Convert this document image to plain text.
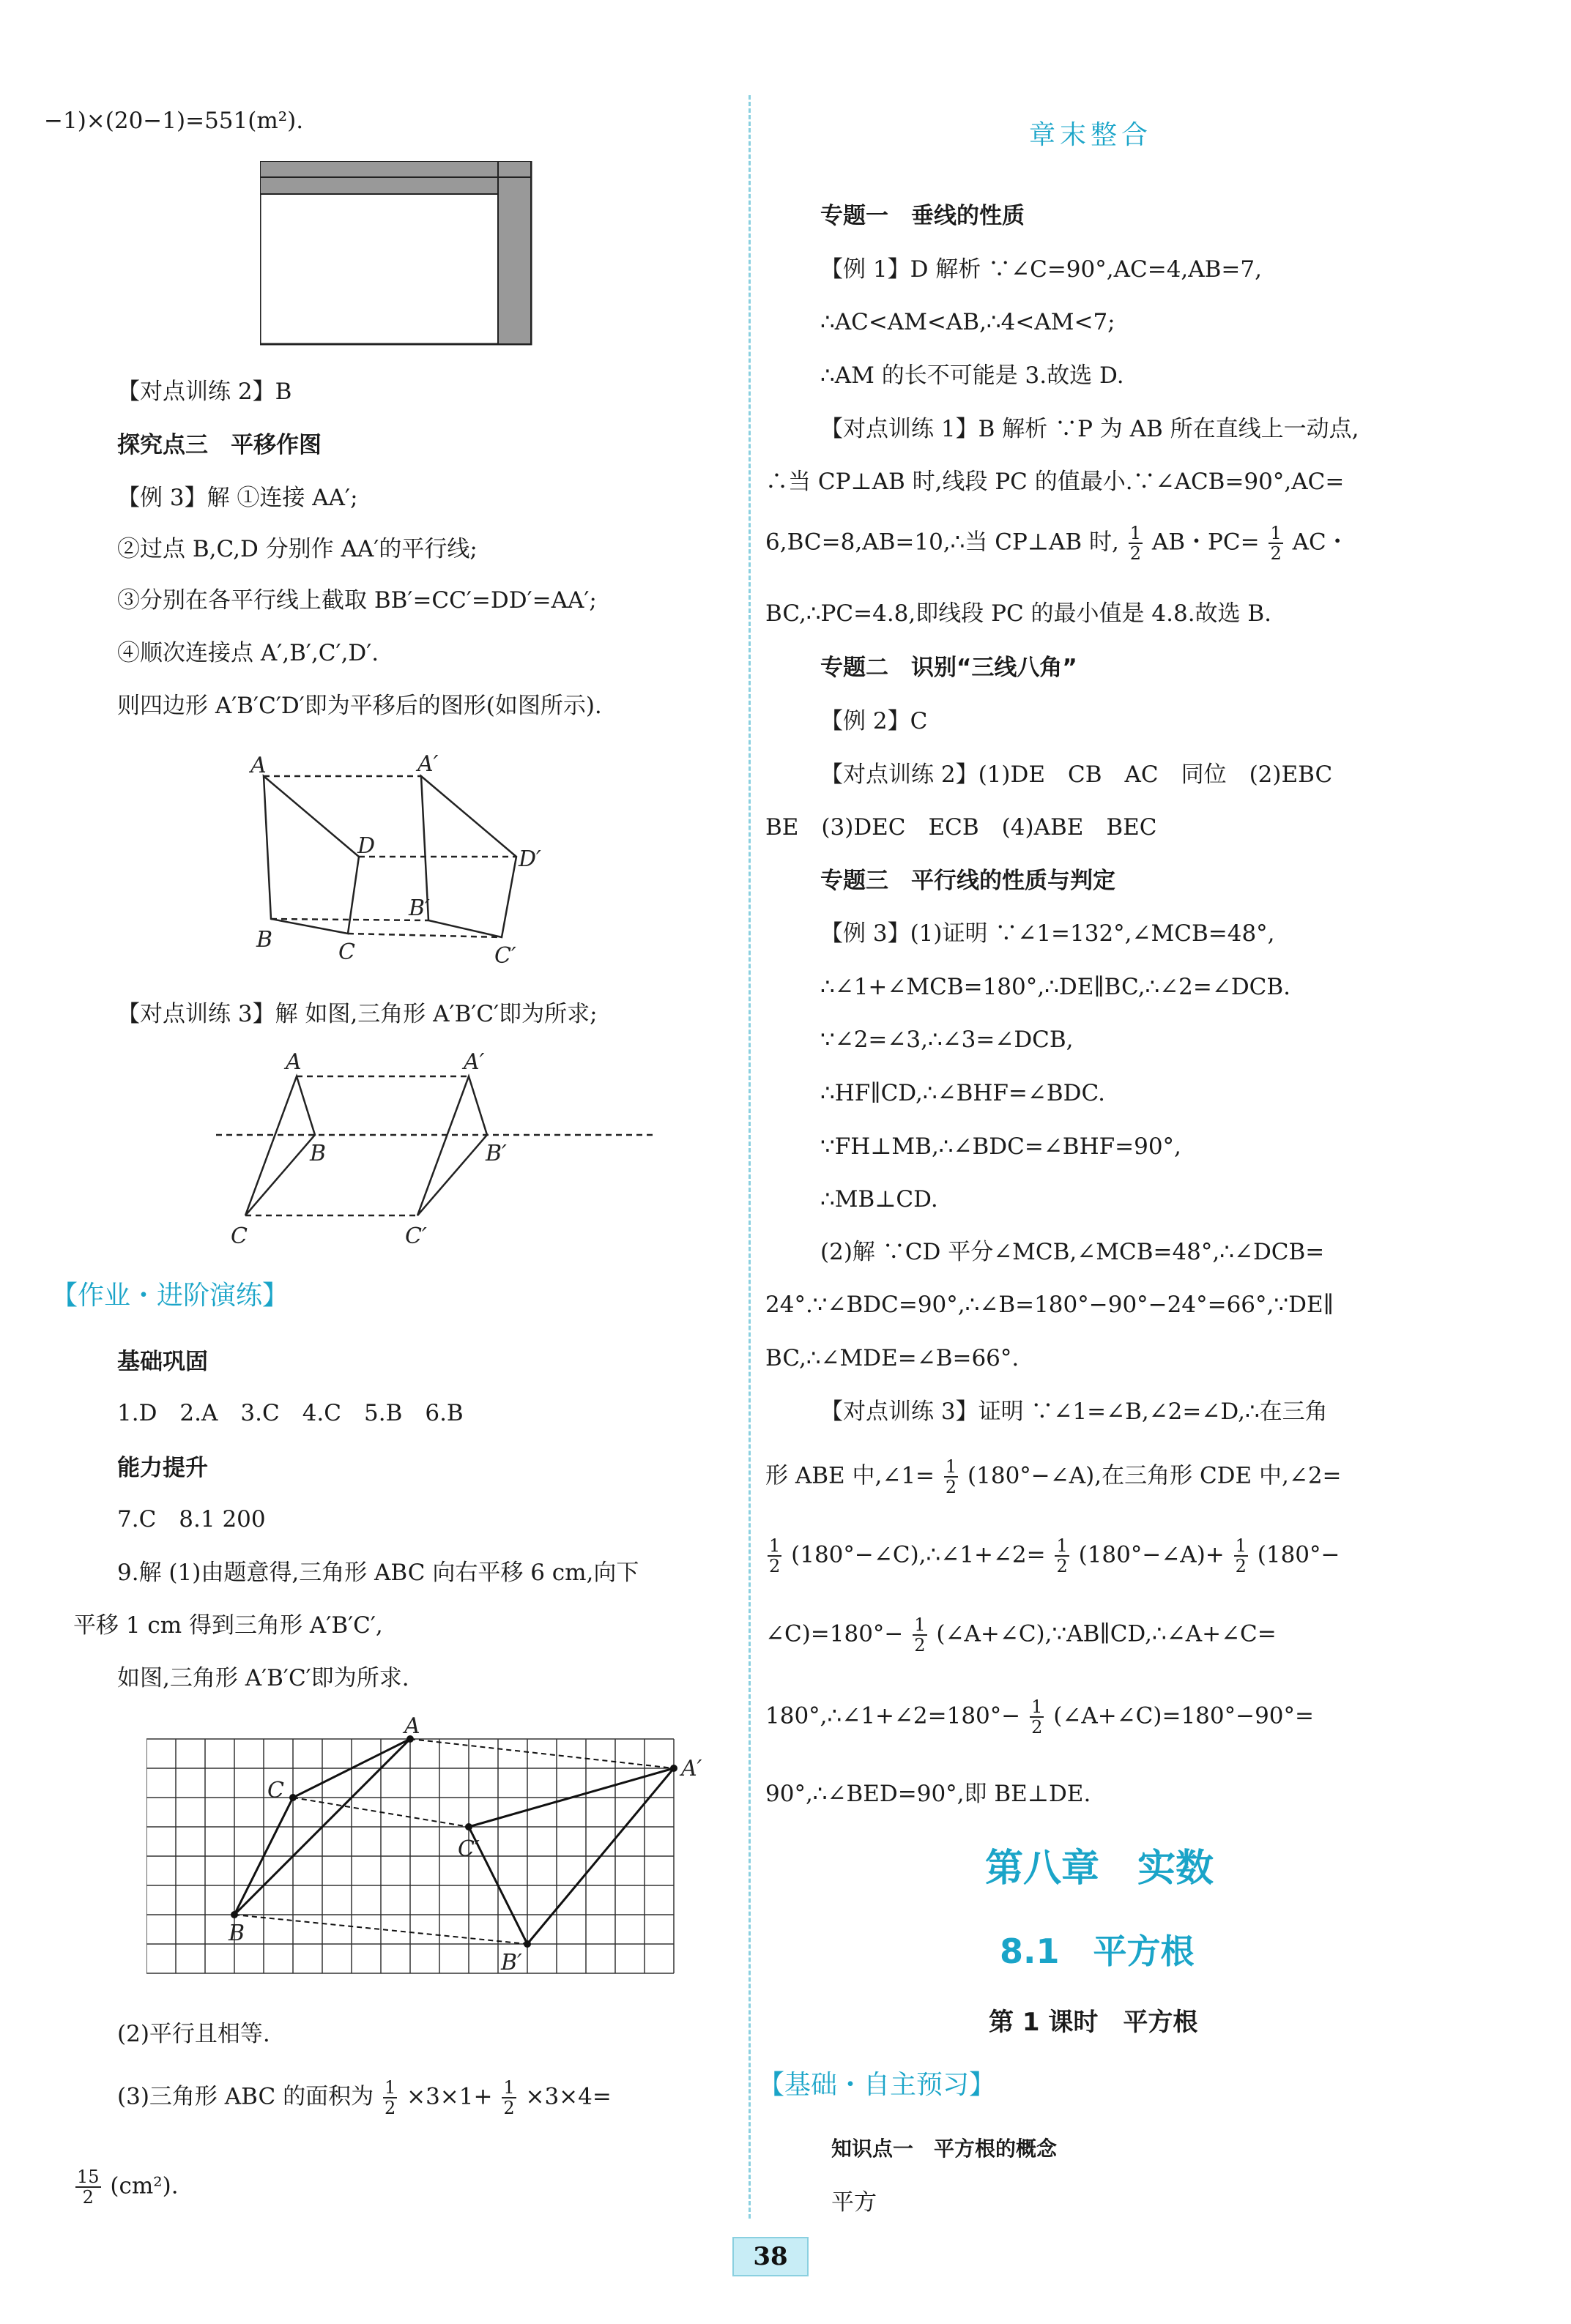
−1)×(20−1)=551(m²).
【对点训练 2】B
探究点三　平移作图
【例 3】解 ①连接 AA′;
②过点 B,C,D 分别作 AA′的平行线;
③分别在各平行线上截取 BB′=CC′=DD′=AA′;
④顺次连接点 A′,B′,C′,D′.
则四边形 A′B′C′D′即为平移后的图形(如图所示).
A	A′
D
D′
B	C
B′
C′
【对点训练 3】解 如图,三角形 A′B′C′即为所求;
A	A′
B	B′
C	C′
【作业・进阶演练】
基础巩固
1.D　2.A　3.C　4.C　5.B　6.B
能力提升
7.C　8.1 200
9.解 (1)由题意得,三角形 ABC 向右平移 6 cm,向下
平移 1 cm 得到三角形 A′B′C′,
如图,三角形 A′B′C′即为所求.
A
A′
C
C′
B
B′
(2)平行且相等.
(3)三角形 ABC 的面积为 $\frac{1}{2} \times 3\times 1+ \frac{1}{2} \times 3\times 4=$
$\frac{15}{2} (cm^2)$.
章末整合
专题一　垂线的性质
【例 1】D 解析 ∵∠C=90°,AC=4,AB=7,
∴AC<AM<AB,∴4<AM<7;
∴AM 的长不可能是 3.故选 D.
【对点训练 1】B 解析 ∵P 为 AB 所在直线上一动点,
∴当 CP⊥AB 时,线段 PC 的值最小.∵∠ACB=90°,AC=
6,BC=8,AB=10,∴当 CP⊥AB 时, $\frac{1}{2}$ AB・$PC= \frac{1}{2}$ AC・
BC,∴PC=4.8,即线段 PC 的最小值是 4.8.故选 B.
专题二　识别“三线八角”
【例 2】C
【对点训练 2】(1)DE　CB　AC　同位　(2)EBC
BE　(3)DEC　ECB　(4)ABE　BEC
专题三　平行线的性质与判定
【例 3】(1)证明 ∵∠1=132°,∠MCB=48°,
∴∠1+∠MCB=180°,∴DE∥BC,∴∠2=∠DCB.
∵∠2=∠3,∴∠3=∠DCB,
∴HF∥CD,∴∠BHF=∠BDC.
∵FH⊥MB,∴∠BDC=∠BHF=90°,
∴MB⊥CD.
(2)解 ∵CD 平分∠MCB,∠MCB=48°,∴∠DCB=
24°.∵∠BDC=90°,∴∠B=180°−90°−24°=66°,∵DE∥
BC,∴∠MDE=∠B=66°.
【对点训练 3】证明 ∵∠1=∠B,∠2=∠D,∴在三角
形 ABE 中,∠1= $\frac{1}{2}$ (180°−∠A),在三角形 CDE 中,∠2=
$\frac{1}{2}$ (180°−∠C),∴∠1+∠2= $\frac{1}{2}$ (180°−∠A)+ $\frac{1}{2} (180^\circ-$
∠C)=180°− $\frac{1}{2}$ (∠A+∠C),∵AB∥CD,∴∠A+∠C=
180°,∴∠1+∠2=180°− $\frac{1}{2}$ (∠A+∠C)=180°−90°=
90°,∴∠BED=90°,即 BE⊥DE.
第八章　实数
8.1　平方根
第 1 课时　平方根
【基础・自主预习】
知识点一　平方根的概念
平方
38
